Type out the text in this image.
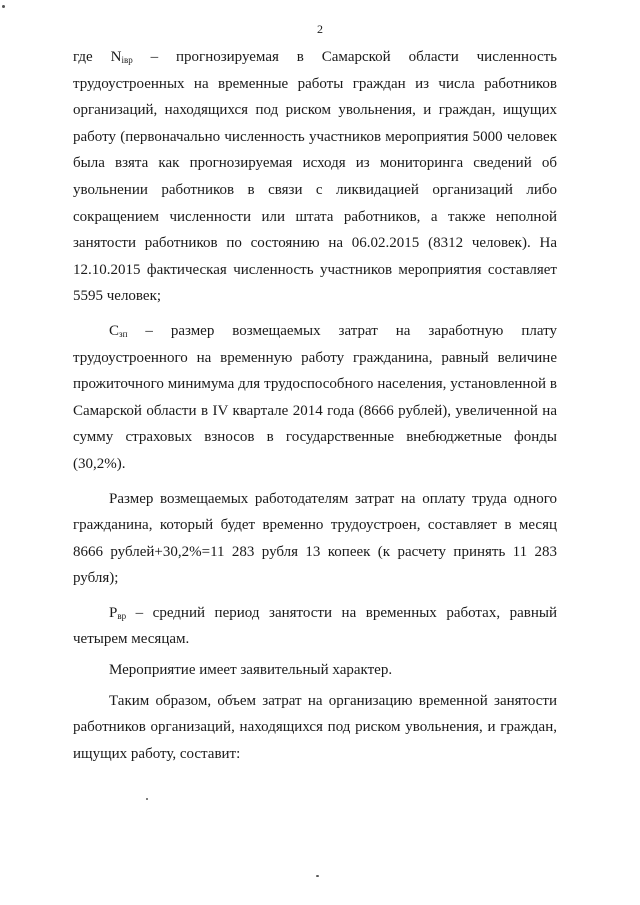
2

где $N_{iвр}$ – прогнозируемая в Самарской области численность трудоустроенных на временные работы граждан из числа работников организаций, находящихся под риском увольнения, и граждан, ищущих работу (первоначально численность участников мероприятия 5000 человек была взята как прогнозируемая исходя из мониторинга сведений об увольнении работников в связи с ликвидацией организаций либо сокращением численности или штата работников, а также неполной занятости работников по состоянию на 06.02.2015 (8312 человек). На 12.10.2015 фактическая численность участников мероприятия составляет 5595 человек;

$С_{зп}$ – размер возмещаемых затрат на заработную плату трудоустроенного на временную работу гражданина, равный величине прожиточного минимума для трудоспособного населения, установленной в Самарской области в IV квартале 2014 года (8666 рублей), увеличенной на сумму страховых взносов в государственные внебюджетные фонды (30,2%).

Размер возмещаемых работодателям затрат на оплату труда одного гражданина, который будет временно трудоустроен, составляет в месяц 8666 рублей+30,2%=11 283 рубля 13 копеек (к расчету принять 11 283 рубля);

$Р_{вр}$ – средний период занятости на временных работах, равный четырем месяцам.

Мероприятие имеет заявительный характер.

Таким образом, объем затрат на организацию временной занятости работников организаций, находящихся под риском увольнения, и граждан, ищущих работу, составит:
